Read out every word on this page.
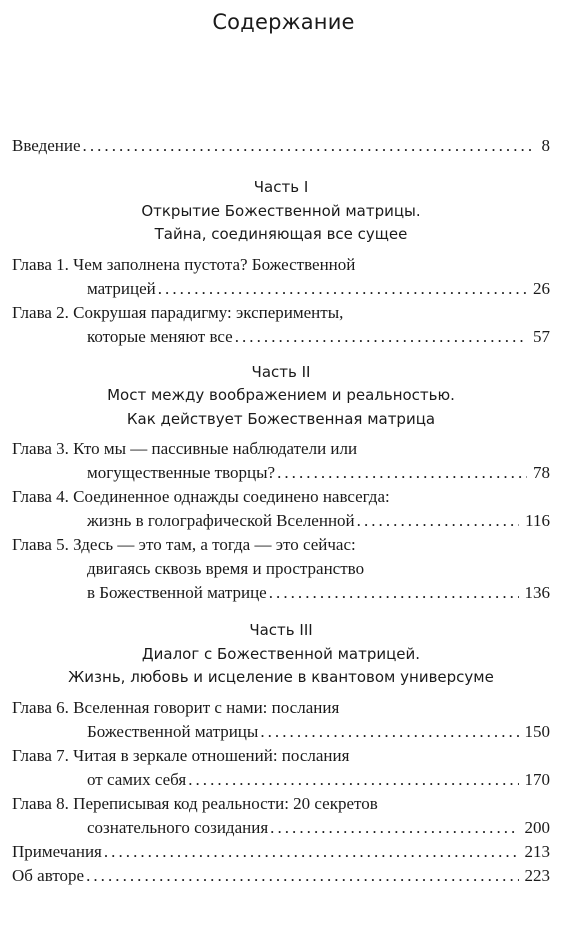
Содержание
Введение . . .	8
Часть I
Открытие Божественной матрицы.
Тайна, соединяющая все сущее
Глава 1. Чем заполнена пустота? Божественной
матрицей . . .	26
Глава 2. Сокрушая парадигму: эксперименты,
которые меняют все . . .	57
Часть II
Мост между воображением и реальностью.
Как действует Божественная матрица
Глава 3. Кто мы — пассивные наблюдатели или
могущественные творцы? . . .	78
Глава 4. Соединенное однажды соединено навсегда:
жизнь в голографической Вселенной . . .	116
Глава 5. Здесь — это там, а тогда — это сейчас:
двигаясь сквозь время и пространство
в Божественной матрице . . .	136
Часть III
Диалог с Божественной матрицей.
Жизнь, любовь и исцеление в квантовом универсуме
Глава 6. Вселенная говорит с нами: послания
Божественной матрицы . . .	150
Глава 7. Читая в зеркале отношений: послания
от самих себя . . .	170
Глава 8. Переписывая код реальности: 20 секретов
сознательного созидания . . .	200
Примечания . . .	213
Об авторе . . .	223
